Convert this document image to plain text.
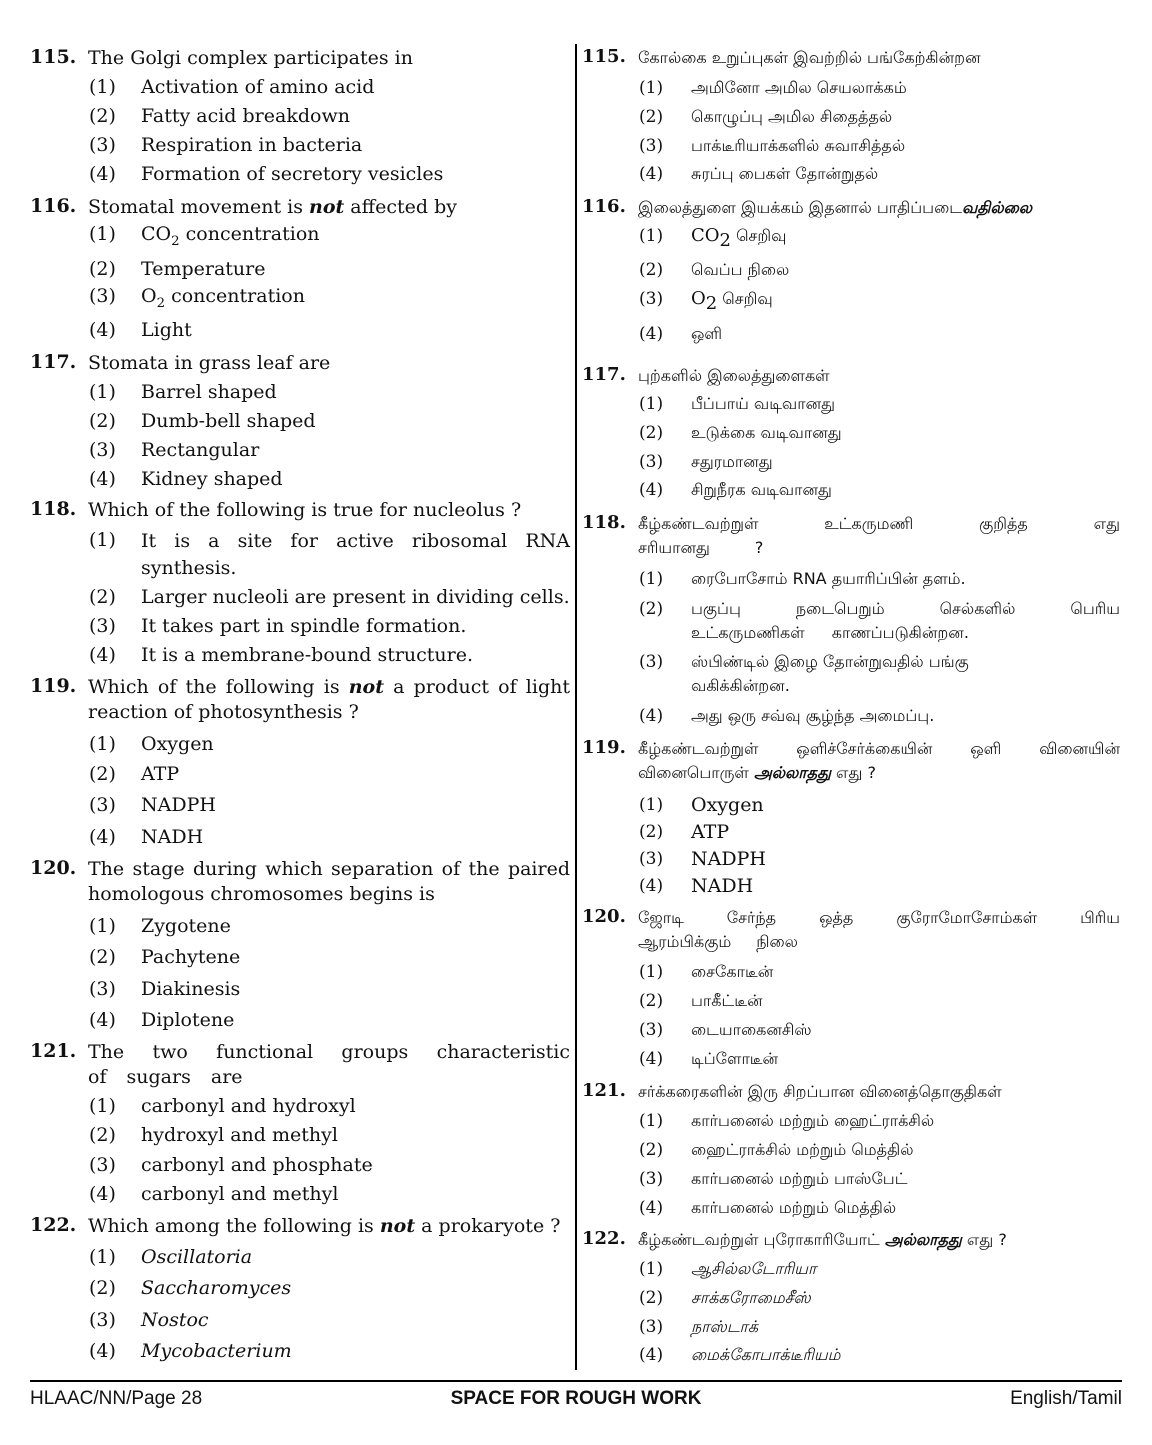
115. The Golgi complex participates in
(1)	Activation of amino acid
(2)	Fatty acid breakdown
(3)	Respiration in bacteria
(4)	Formation of secretory vesicles
116. Stomatal movement is not affected by
(1)	$CO_2$ concentration
(2)	Temperature
(3)	$O_2$ concentration
(4)	Light
117. Stomata in grass leaf are
(1)	Barrel shaped
(2)	Dumb-bell shaped
(3)	Rectangular
(4)	Kidney shaped
118. Which of the following is true for nucleolus ?
(1)	It is a site for active ribosomal RNA synthesis.
(2)	Larger nucleoli are present in dividing cells.
(3)	It takes part in spindle formation.
(4)	It is a membrane-bound structure.
119. Which of the following is not a product of light reaction of photosynthesis ?
(1)	Oxygen
(2)	ATP
(3)	NADPH
(4)	NADH
120. The stage during which separation of the paired homologous chromosomes begins is
(1)	Zygotene
(2)	Pachytene
(3)	Diakinesis
(4)	Diplotene
121. The two functional groups characteristic of sugars are
(1)	carbonyl and hydroxyl
(2)	hydroxyl and methyl
(3)	carbonyl and phosphate
(4)	carbonyl and methyl
122. Which among the following is not a prokaryote ?
(1)	Oscillatoria
(2)	Saccharomyces
(3)	Nostoc
(4)	Mycobacterium
115. கோல்கை உறுப்புகள் இவற்றில் பங்கேற்கின்றன
(1)	அமினோ அமில செயலாக்கம்
(2)	கொழுப்பு அமில சிதைத்தல்
(3)	பாக்டீரியாக்களில் சுவாசித்தல்
(4)	சுரப்பு பைகள் தோன்றுதல்
116. இலைத்துளை இயக்கம் இதனால் பாதிப்படைவதில்லை
(1)	$CO_2$ செறிவு
(2)	வெப்ப நிலை
(3)	$O_2$ செறிவு
(4)	ஒளி
117. புற்களில் இலைத்துளைகள்
(1)	பீப்பாய் வடிவானது
(2)	உடுக்கை வடிவானது
(3)	சதுரமானது
(4)	சிறுநீரக வடிவானது
118. கீழ்கண்டவற்றுள் உட்கருமணி குறித்த எது சரியானது ?
(1)	ரைபோசோம் RNA தயாரிப்பின் தளம்.
(2)	பகுப்பு நடைபெறும் செல்களில் பெரிய உட்கருமணிகள் காணப்படுகின்றன.
(3)	ஸ்பிண்டில் இழை தோன்றுவதில் பங்கு வகிக்கின்றன.
(4)	அது ஒரு சவ்வு சூழ்ந்த அமைப்பு.
119. கீழ்கண்டவற்றுள் ஒளிச்சேர்க்கையின் ஒளி வினையின் வினைபொருள் அல்லாதது எது ?
(1)	Oxygen
(2)	ATP
(3)	NADPH
(4)	NADH
120. ஜோடி சேர்ந்த ஒத்த குரோமோசோம்கள் பிரிய ஆரம்பிக்கும் நிலை
(1)	சைகோடீன்
(2)	பாகீட்டீன்
(3)	டையாகைனசிஸ்
(4)	டிப்ளோடீன்
121. சர்க்கரைகளின் இரு சிறப்பான வினைத்தொகுதிகள்
(1)	கார்பனைல் மற்றும் ஹைட்ராக்சில்
(2)	ஹைட்ராக்சில் மற்றும் மெத்தில்
(3)	கார்பனைல் மற்றும் பாஸ்பேட்
(4)	கார்பனைல் மற்றும் மெத்தில்
122. கீழ்கண்டவற்றுள் புரோகாரியோட் அல்லாதது எது ?
(1)	ஆசில்லடோரியா
(2)	சாக்கரோமைசீஸ்
(3)	நாஸ்டாக்
(4)	மைக்கோபாக்டீரியம்
HLAAC/NN/Page 28	SPACE FOR ROUGH WORK	English/Tamil
